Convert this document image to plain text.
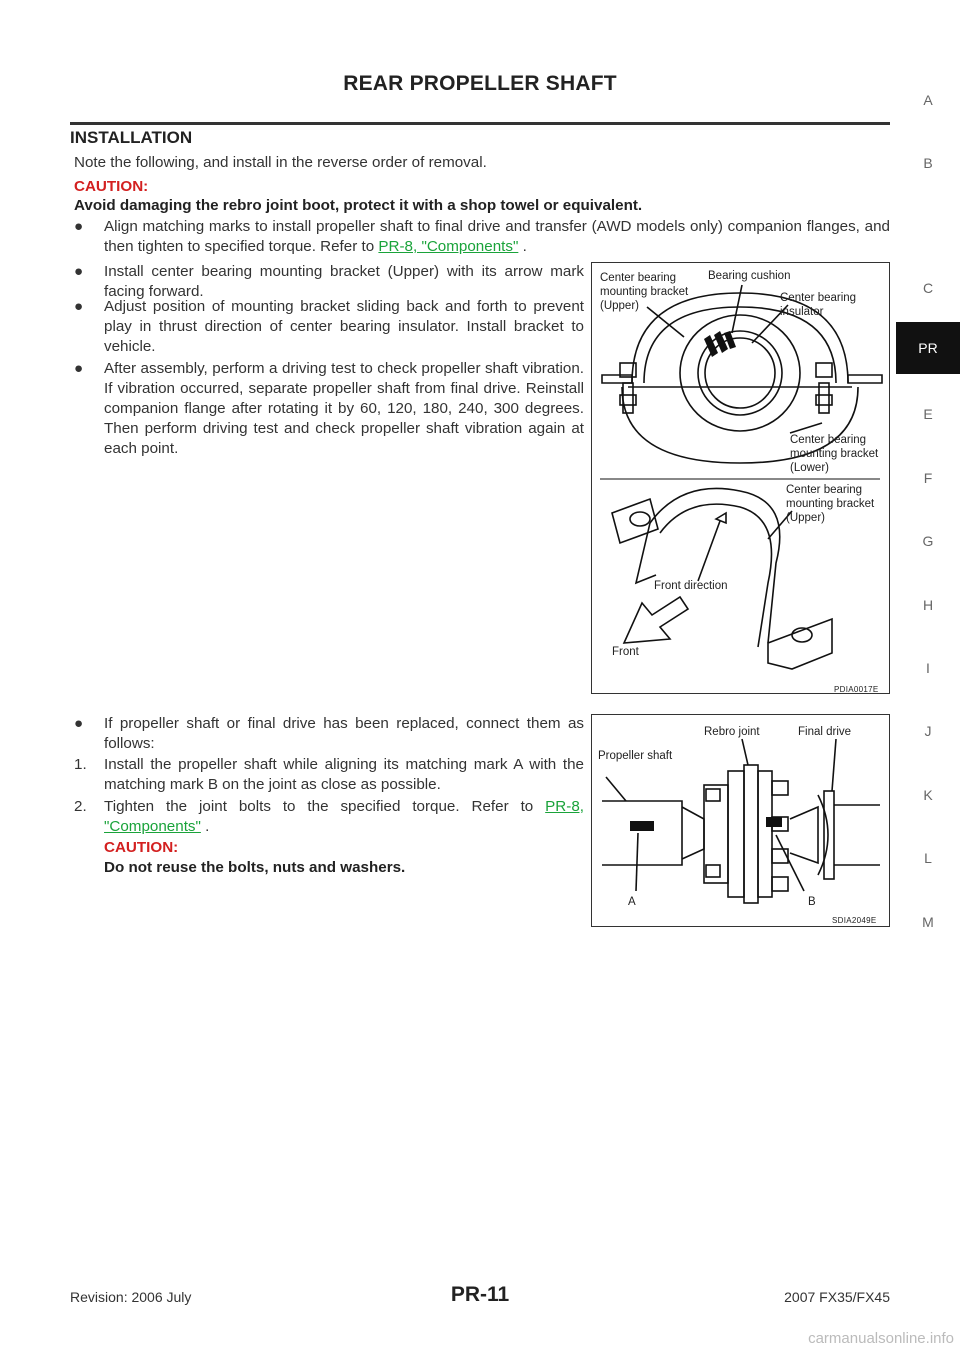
REAR PROPELLER SHAFT
INSTALLATION
Note the following, and install in the reverse order of removal.
CAUTION:
Avoid damaging the rebro joint boot, protect it with a shop towel or equivalent.
●	Align matching marks to install propeller shaft to final drive and transfer (AWD models only) companion flanges, and then tighten to specified torque. Refer to PR-8, "Components" .
●	Install center bearing mounting bracket (Upper) with its arrow mark facing forward.
●	Adjust position of mounting bracket sliding back and forth to prevent play in thrust direction of center bearing insulator. Install bracket to vehicle.
●	After assembly, perform a driving test to check propeller shaft vibration. If vibration occurred, separate propeller shaft from final drive. Reinstall companion flange after rotating it by 60, 120, 180, 240, 300 degrees. Then perform driving test and check propeller shaft vibration again at each point.
●	If propeller shaft or final drive has been replaced, connect them as follows:
1.	Install the propeller shaft while aligning its matching mark A with the matching mark B on the joint as close as possible.
2.	Tighten the joint bolts to the specified torque. Refer to PR-8, "Components" .
CAUTION:
Do not reuse the bolts, nuts and washers.
Center bearing
mounting bracket
(Upper)
Bearing cushion
Center bearing
insulator
Center bearing
mounting bracket
(Lower)
Center bearing
mounting bracket
(Upper)
Front direction
Front
PDIA0017E
Rebro joint	Final drive
Propeller shaft
A	B
SDIA2049E
A
B
C
PR
E
F
G
H
I
J
K
L
M
Revision: 2006 July	PR-11	2007 FX35/FX45
carmanualsonline.info
